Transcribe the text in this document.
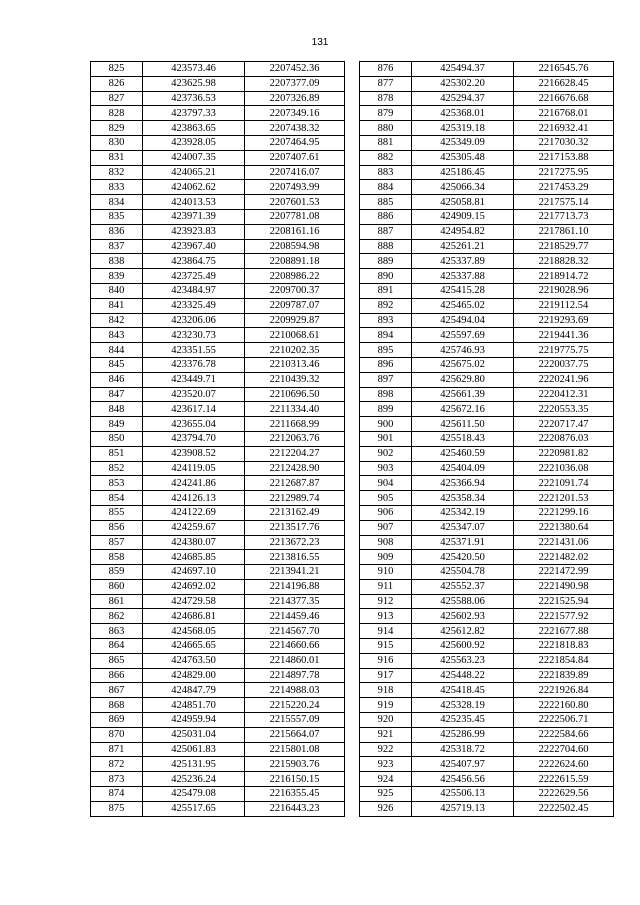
131
825	423573.46	2207452.36
826	423625.98	2207377.09
827	423736.53	2207326.89
828	423797.33	2207349.16
829	423863.65	2207438.32
830	423928.05	2207464.95
831	424007.35	2207407.61
832	424065.21	2207416.07
833	424062.62	2207493.99
834	424013.53	2207601.53
835	423971.39	2207781.08
836	423923.83	2208161.16
837	423967.40	2208594.98
838	423864.75	2208891.18
839	423725.49	2208986.22
840	423484.97	2209700.37
841	423325.49	2209787.07
842	423206.06	2209929.87
843	423230.73	2210068.61
844	423351.55	2210202.35
845	423376.78	2210313.46
846	423449.71	2210439.32
847	423520.07	2210696.50
848	423617.14	2211334.40
849	423655.04	2211668.99
850	423794.70	2212063.76
851	423908.52	2212204.27
852	424119.05	2212428.90
853	424241.86	2212687.87
854	424126.13	2212989.74
855	424122.69	2213162.49
856	424259.67	2213517.76
857	424380.07	2213672.23
858	424685.85	2213816.55
859	424697.10	2213941.21
860	424692.02	2214196.88
861	424729.58	2214377.35
862	424686.81	2214459.46
863	424568.05	2214567.70
864	424665.65	2214660.66
865	424763.50	2214860.01
866	424829.00	2214897.78
867	424847.79	2214988.03
868	424851.70	2215220.24
869	424959.94	2215557.09
870	425031.04	2215664.07
871	425061.83	2215801.08
872	425131.95	2215903.76
873	425236.24	2216150.15
874	425479.08	2216355.45
875	425517.65	2216443.23
876	425494.37	2216545.76
877	425302.20	2216628.45
878	425294.37	2216676.68
879	425368.01	2216768.01
880	425319.18	2216932.41
881	425349.09	2217030.32
882	425305.48	2217153.88
883	425186.45	2217275.95
884	425066.34	2217453.29
885	425058.81	2217575.14
886	424909.15	2217713.73
887	424954.82	2217861.10
888	425261.21	2218529.77
889	425337.89	2218828.32
890	425337.88	2218914.72
891	425415.28	2219028.96
892	425465.02	2219112.54
893	425494.04	2219293.69
894	425597.69	2219441.36
895	425746.93	2219775.75
896	425675.02	2220037.75
897	425629.80	2220241.96
898	425661.39	2220412.31
899	425672.16	2220553.35
900	425611.50	2220717.47
901	425518.43	2220876.03
902	425460.59	2220981.82
903	425404.09	2221036.08
904	425366.94	2221091.74
905	425358.34	2221201.53
906	425342.19	2221299.16
907	425347.07	2221380.64
908	425371.91	2221431.06
909	425420.50	2221482.02
910	425504.78	2221472.99
911	425552.37	2221490.98
912	425588.06	2221525.94
913	425602.93	2221577.92
914	425612.82	2221677.88
915	425600.92	2221818.83
916	425563.23	2221854.84
917	425448.22	2221839.89
918	425418.45	2221926.84
919	425328.19	2222160.80
920	425235.45	2222506.71
921	425286.99	2222584.66
922	425318.72	2222704.60
923	425407.97	2222624.60
924	425456.56	2222615.59
925	425506.13	2222629.56
926	425719.13	2222502.45
